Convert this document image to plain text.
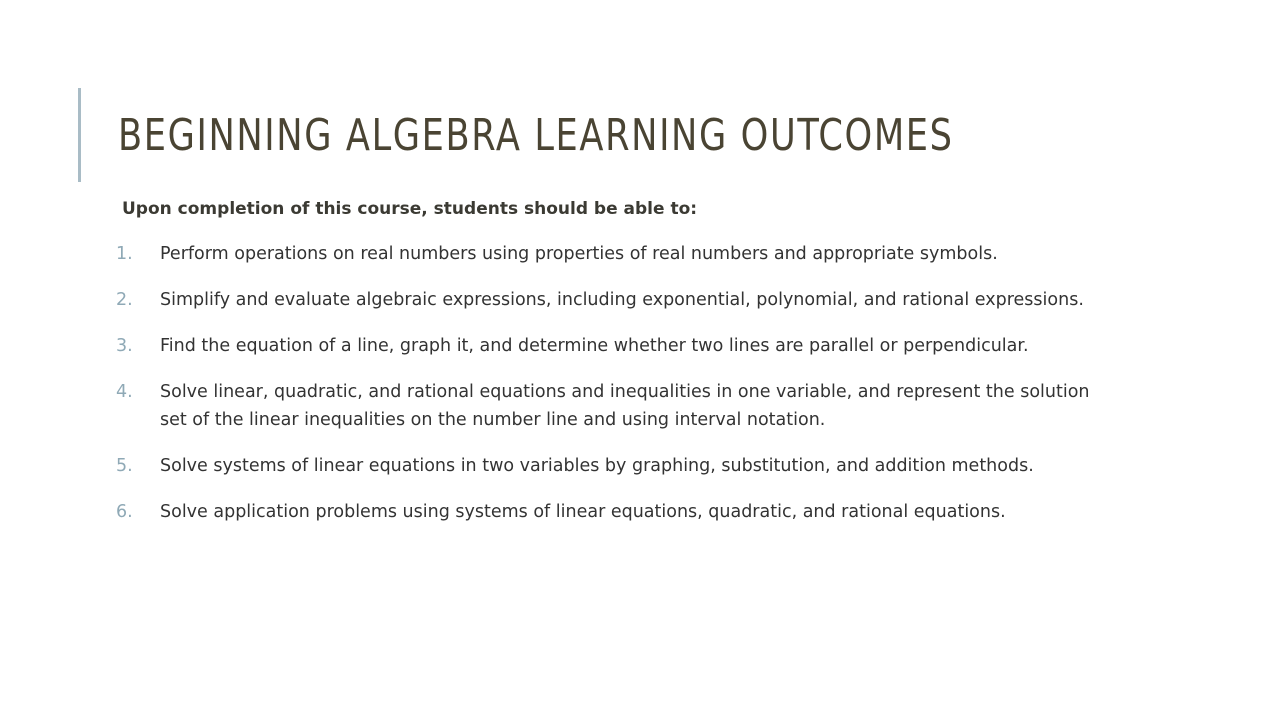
BEGINNING ALGEBRA LEARNING OUTCOMES

Upon completion of this course, students should be able to:

1. Perform operations on real numbers using properties of real numbers and appropriate symbols.
2. Simplify and evaluate algebraic expressions, including exponential, polynomial, and rational expressions.
3. Find the equation of a line, graph it, and determine whether two lines are parallel or perpendicular.
4. Solve linear, quadratic, and rational equations and inequalities in one variable, and represent the solution set of the linear inequalities on the number line and using interval notation.
5. Solve systems of linear equations in two variables by graphing, substitution, and addition methods.
6. Solve application problems using systems of linear equations, quadratic, and rational equations.
